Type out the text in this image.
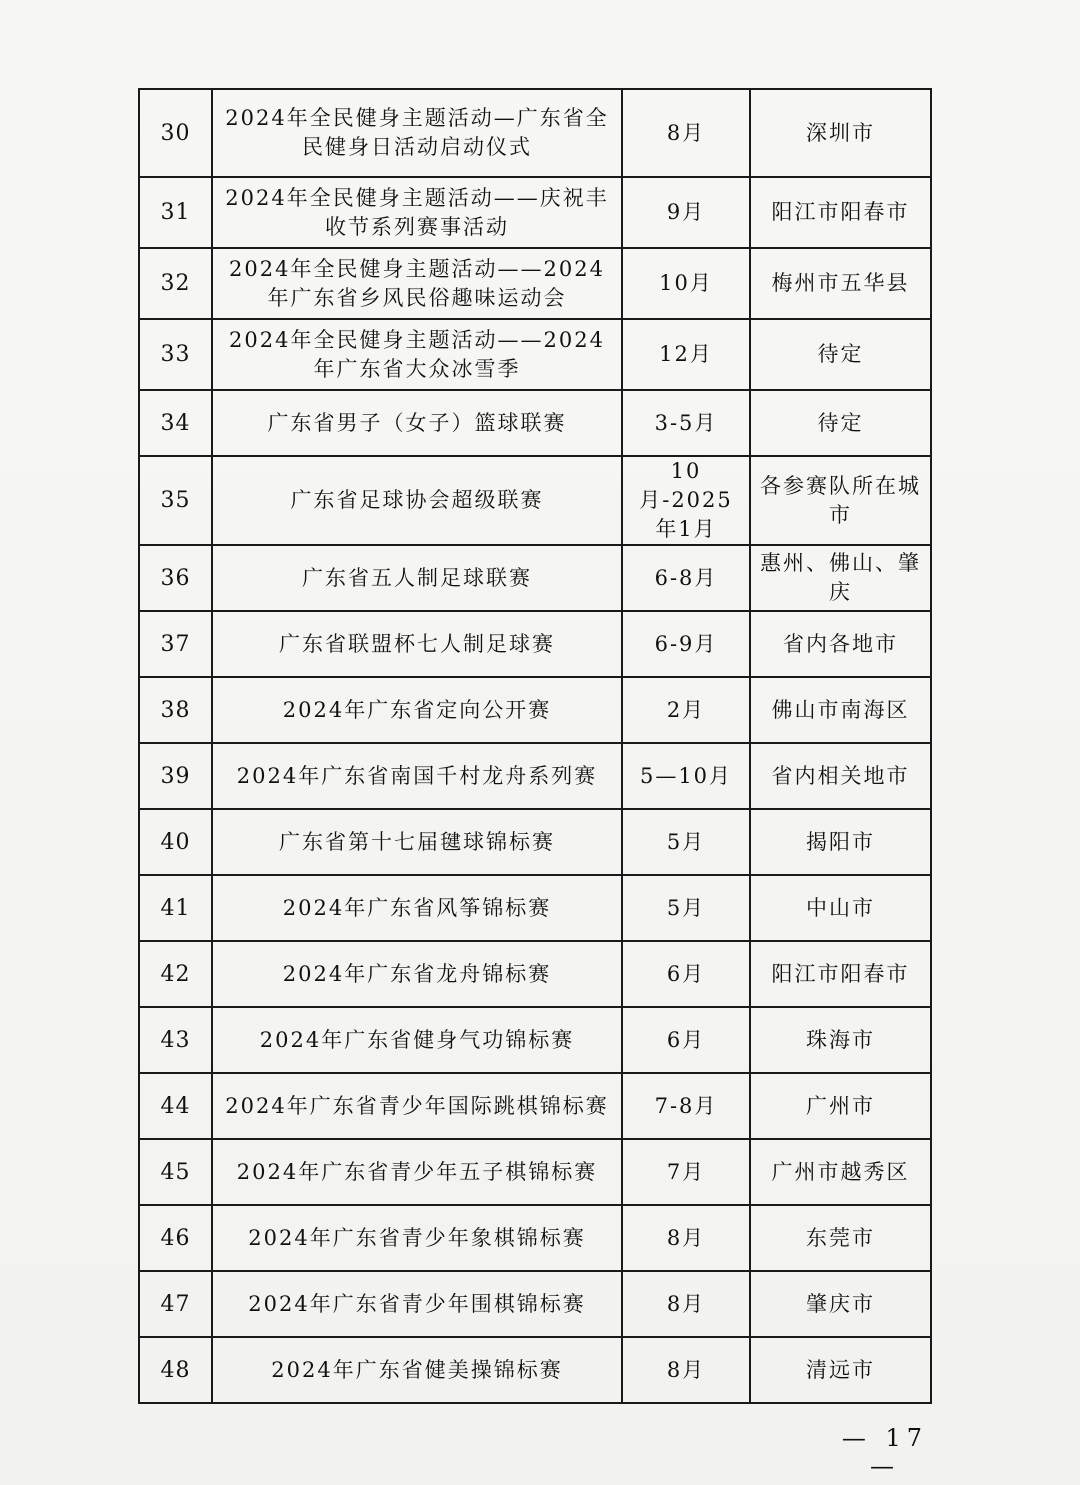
30	2024年全民健身主题活动—广东省全民健身日活动启动仪式	8月	深圳市
31	2024年全民健身主题活动——庆祝丰收节系列赛事活动	9月	阳江市阳春市
32	2024年全民健身主题活动——2024年广东省乡风民俗趣味运动会	10月	梅州市五华县
33	2024年全民健身主题活动——2024年广东省大众冰雪季	12月	待定
34	广东省男子（女子）篮球联赛	3-5月	待定
35	广东省足球协会超级联赛	10月-2025年1月	各参赛队所在城市
36	广东省五人制足球联赛	6-8月	惠州、佛山、肇庆
37	广东省联盟杯七人制足球赛	6-9月	省内各地市
38	2024年广东省定向公开赛	2月	佛山市南海区
39	2024年广东省南国千村龙舟系列赛	5—10月	省内相关地市
40	广东省第十七届毽球锦标赛	5月	揭阳市
41	2024年广东省风筝锦标赛	5月	中山市
42	2024年广东省龙舟锦标赛	6月	阳江市阳春市
43	2024年广东省健身气功锦标赛	6月	珠海市
44	2024年广东省青少年国际跳棋锦标赛	7-8月	广州市
45	2024年广东省青少年五子棋锦标赛	7月	广州市越秀区
46	2024年广东省青少年象棋锦标赛	8月	东莞市
47	2024年广东省青少年围棋锦标赛	8月	肇庆市
48	2024年广东省健美操锦标赛	8月	清远市
— 17 —
